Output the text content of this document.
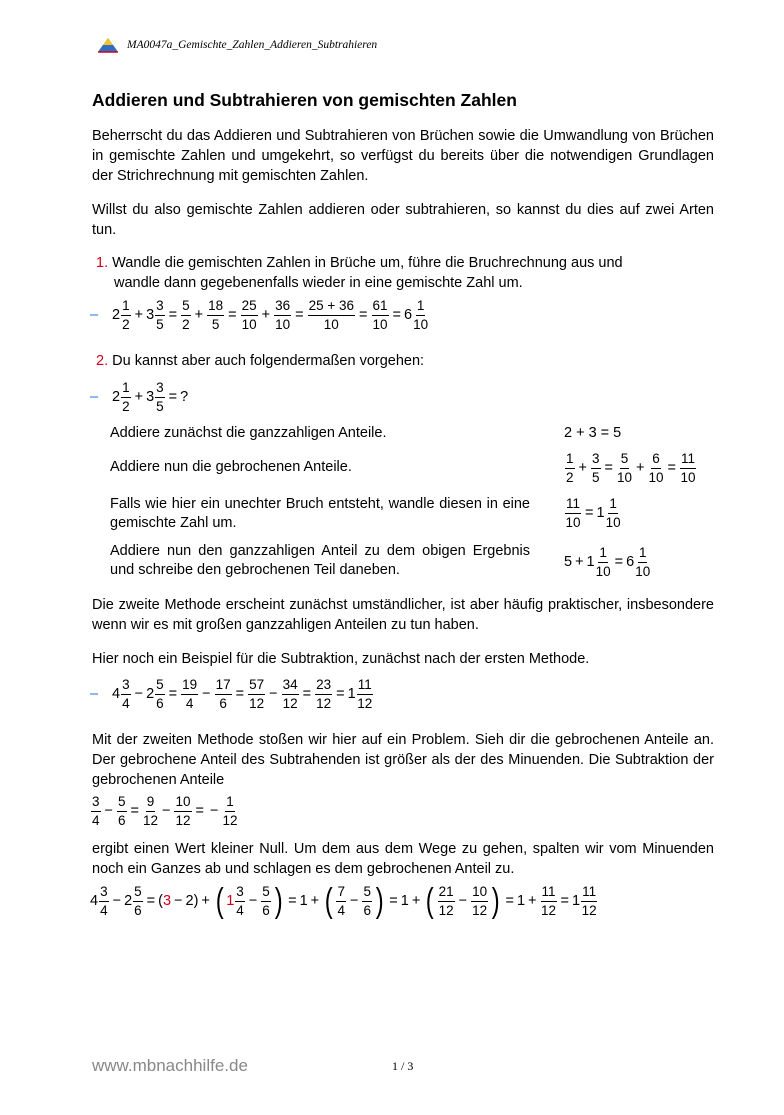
MA0047a_Gemischte_Zahlen_Addieren_Subtrahieren
Addieren und Subtrahieren von gemischten Zahlen

Beherrscht du das Addieren und Subtrahieren von Brüchen sowie die Umwandlung von Brüchen in gemischte Zahlen und umgekehrt, so verfügst du bereits über die notwendigen Grundlagen der Strichrechnung mit gemischten Zahlen.

Willst du also gemischte Zahlen addieren oder subtrahieren, so kannst du dies auf zwei Arten tun.

1. Wandle die gemischten Zahlen in Brüche um, führe die Bruchrechnung aus und
wandle dann gegebenenfalls wieder in eine gemischte Zahl um.
– 2
1
2
+ $3 \frac{3}{5} = \frac{5}{2} + \frac{18}{5} = \frac{25}{10} + \frac{36}{10} = \frac{25 + 36}{10} = \frac{61}{10} = 6$
1
10
2. Du kannst aber auch folgendermaßen vorgehen:
– 2
1
2
+ $3 \frac{3}{5}$ = ?
Addiere zunächst die ganzzahligen Anteile.	2 + 3 = 5
Addiere nun die gebrochenen Anteile.
1
2
+ $\frac{3}{5} = \frac{5}{10} + \frac{6}{10} = \frac{11}{10}$
Falls wie hier ein unechter Bruch entsteht, wandle diesen in eine gemischte Zahl um.	$\frac{11}{10} = 1$
1
10
Addiere nun den ganzzahligen Anteil zu dem obigen Ergebnis und schreibe den gebrochenen Teil daneben.
$5 + 1 \frac{1}{10} = 6$
1
10

Die zweite Methode erscheint zunächst umständlicher, ist aber häufig praktischer, insbesondere wenn wir es mit großen ganzzahligen Anteilen zu tun haben.

Hier noch ein Beispiel für die Subtraktion, zunächst nach der ersten Methode.

– 4
3
4
− $2 \frac{5}{6} = \frac{19}{4} - \frac{17}{6} = \frac{57}{12} - \frac{34}{12} = \frac{23}{12} = 1$
11
12

Mit der zweiten Methode stoßen wir hier auf ein Problem. Sieh dir die gebrochenen Anteile an. Der gebrochene Anteil des Subtrahenden ist größer als der des Minuenden. Die Subtraktion der gebrochenen Anteile

3
4
− $\frac{5}{6} = \frac{9}{12} - \frac{10}{12}$ = − $\frac{1}{12}$

ergibt einen Wert kleiner Null. Um dem aus dem Wege zu gehen, spalten wir vom Minuenden noch ein Ganzes ab und schlagen es dem gebrochenen Anteil zu.

4
3
4
− $2 \frac{5}{6}$ = ( 3 − 2) + ( 1
3
4
− $\frac{5}{6}$ ) = 1 + ( 7
4
− $\frac{5}{6}$ ) = 1 + ( 21
12
− $\frac{10}{12}$ ) = $1 + \frac{11}{12} = 1$
11
12
www.mbnachhilfe.de	1 / 3
